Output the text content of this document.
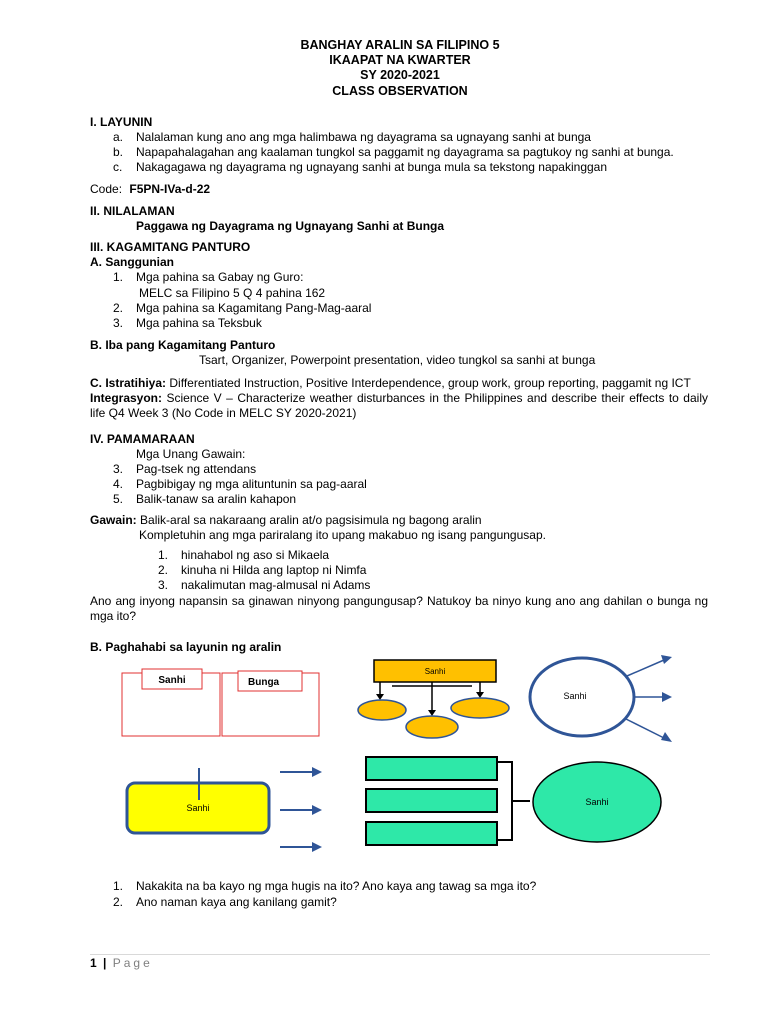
BANGHAY ARALIN SA FILIPINO 5
IKAAPAT NA KWARTER
SY 2020-2021
CLASS OBSERVATION
I. LAYUNIN
a. Nalalaman kung ano ang mga halimbawa ng dayagrama sa ugnayang sanhi at bunga
b. Napapahalagahan ang kaalaman tungkol sa paggamit ng dayagrama sa pagtukoy ng sanhi at bunga.
c. Nakagagawa ng dayagrama ng ugnayang sanhi at bunga mula sa tekstong napakinggan
Code: F5PN-IVa-d-22
II. NILALAMAN
Paggawa ng Dayagrama ng Ugnayang Sanhi at Bunga
III. KAGAMITANG PANTURO
A. Sanggunian
1. Mga pahina sa Gabay ng Guro:
MELC sa Filipino 5 Q 4 pahina 162
2. Mga pahina sa Kagamitang Pang-Mag-aaral
3. Mga pahina sa Teksbuk
B. Iba pang Kagamitang Panturo
Tsart, Organizer, Powerpoint presentation, video tungkol sa sanhi at bunga
C. Istratihiya: Differentiated Instruction, Positive Interdependence, group work, group reporting, paggamit ng ICT
Integrasyon: Science V – Characterize weather disturbances in the Philippines and describe their effects to daily life Q4 Week 3 (No Code in MELC SY 2020-2021)
IV. PAMAMARAAN
Mga Unang Gawain:
3. Pag-tsek ng attendans
4. Pagbibigay ng mga alituntunin sa pag-aaral
5. Balik-tanaw sa aralin kahapon
Gawain: Balik-aral sa nakaraang aralin at/o pagsisimula ng bagong aralin
Kompletuhin ang mga pariralang ito upang makabuo ng isang pangungusap.
1. hinahabol ng aso si Mikaela
2. kinuha ni Hilda ang laptop ni Nimfa
3. nakalimutan mag-almusal ni Adams
Ano ang inyong napansin sa ginawan ninyong pangungusap? Natukoy ba ninyo kung ano ang dahilan o bunga ng mga ito?
B. Paghahabi sa layunin ng aralin
Sanhi	Bunga
Sanhi
Sanhi
Sanhi
Sanhi
1. Nakakita na ba kayo ng mga hugis na ito? Ano kaya ang tawag sa mga ito?
2. Ano naman kaya ang kanilang gamit?
1 | Page
